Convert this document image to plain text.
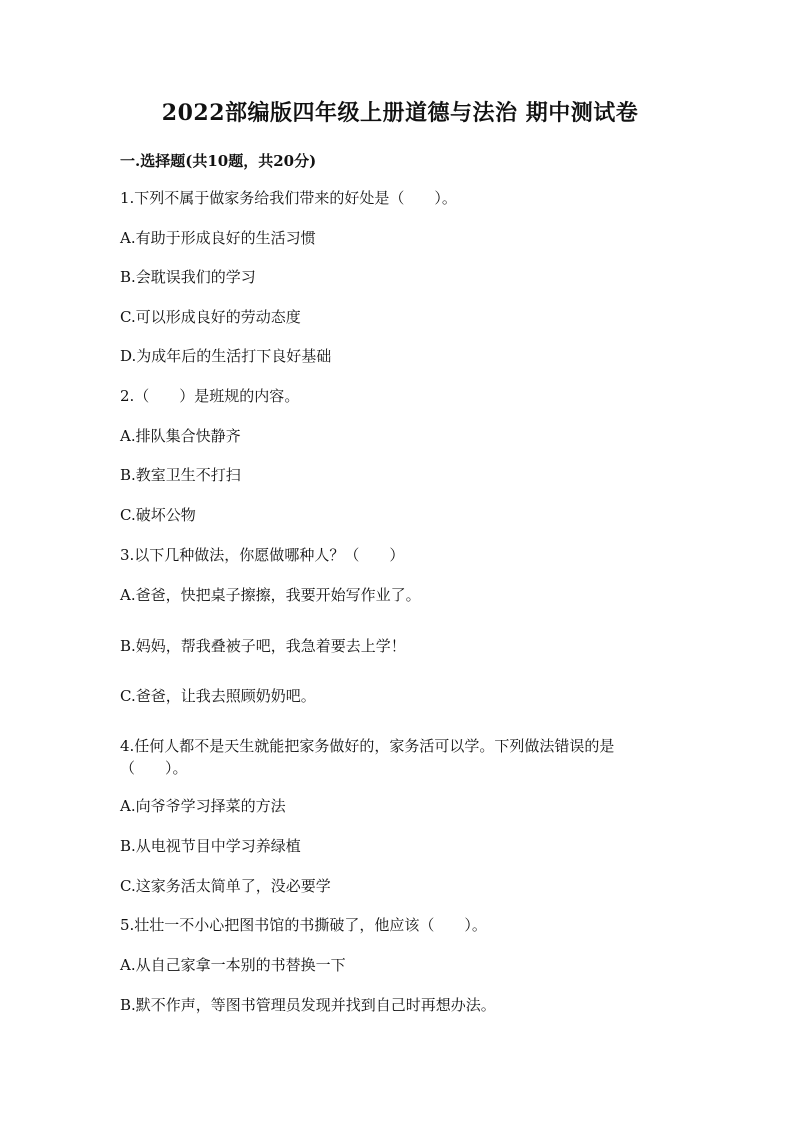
2022部编版四年级上册道德与法治 期中测试卷
一.选择题(共10题，共20分)
1.下列不属于做家务给我们带来的好处是（　　）。
A.有助于形成良好的生活习惯
B.会耽误我们的学习
C.可以形成良好的劳动态度
D.为成年后的生活打下良好基础
2.（　　）是班规的内容。
A.排队集合快静齐
B.教室卫生不打扫
C.破坏公物
3.以下几种做法，你愿做哪种人？（　　）
A.爸爸，快把桌子擦擦，我要开始写作业了。
B.妈妈，帮我叠被子吧，我急着要去上学！
C.爸爸，让我去照顾奶奶吧。
4.任何人都不是天生就能把家务做好的，家务活可以学。下列做法错误的是（　　）。
A.向爷爷学习择菜的方法
B.从电视节目中学习养绿植
C.这家务活太简单了，没必要学
5.壮壮一不小心把图书馆的书撕破了，他应该（　　）。
A.从自己家拿一本别的书替换一下
B.默不作声，等图书管理员发现并找到自己时再想办法。
